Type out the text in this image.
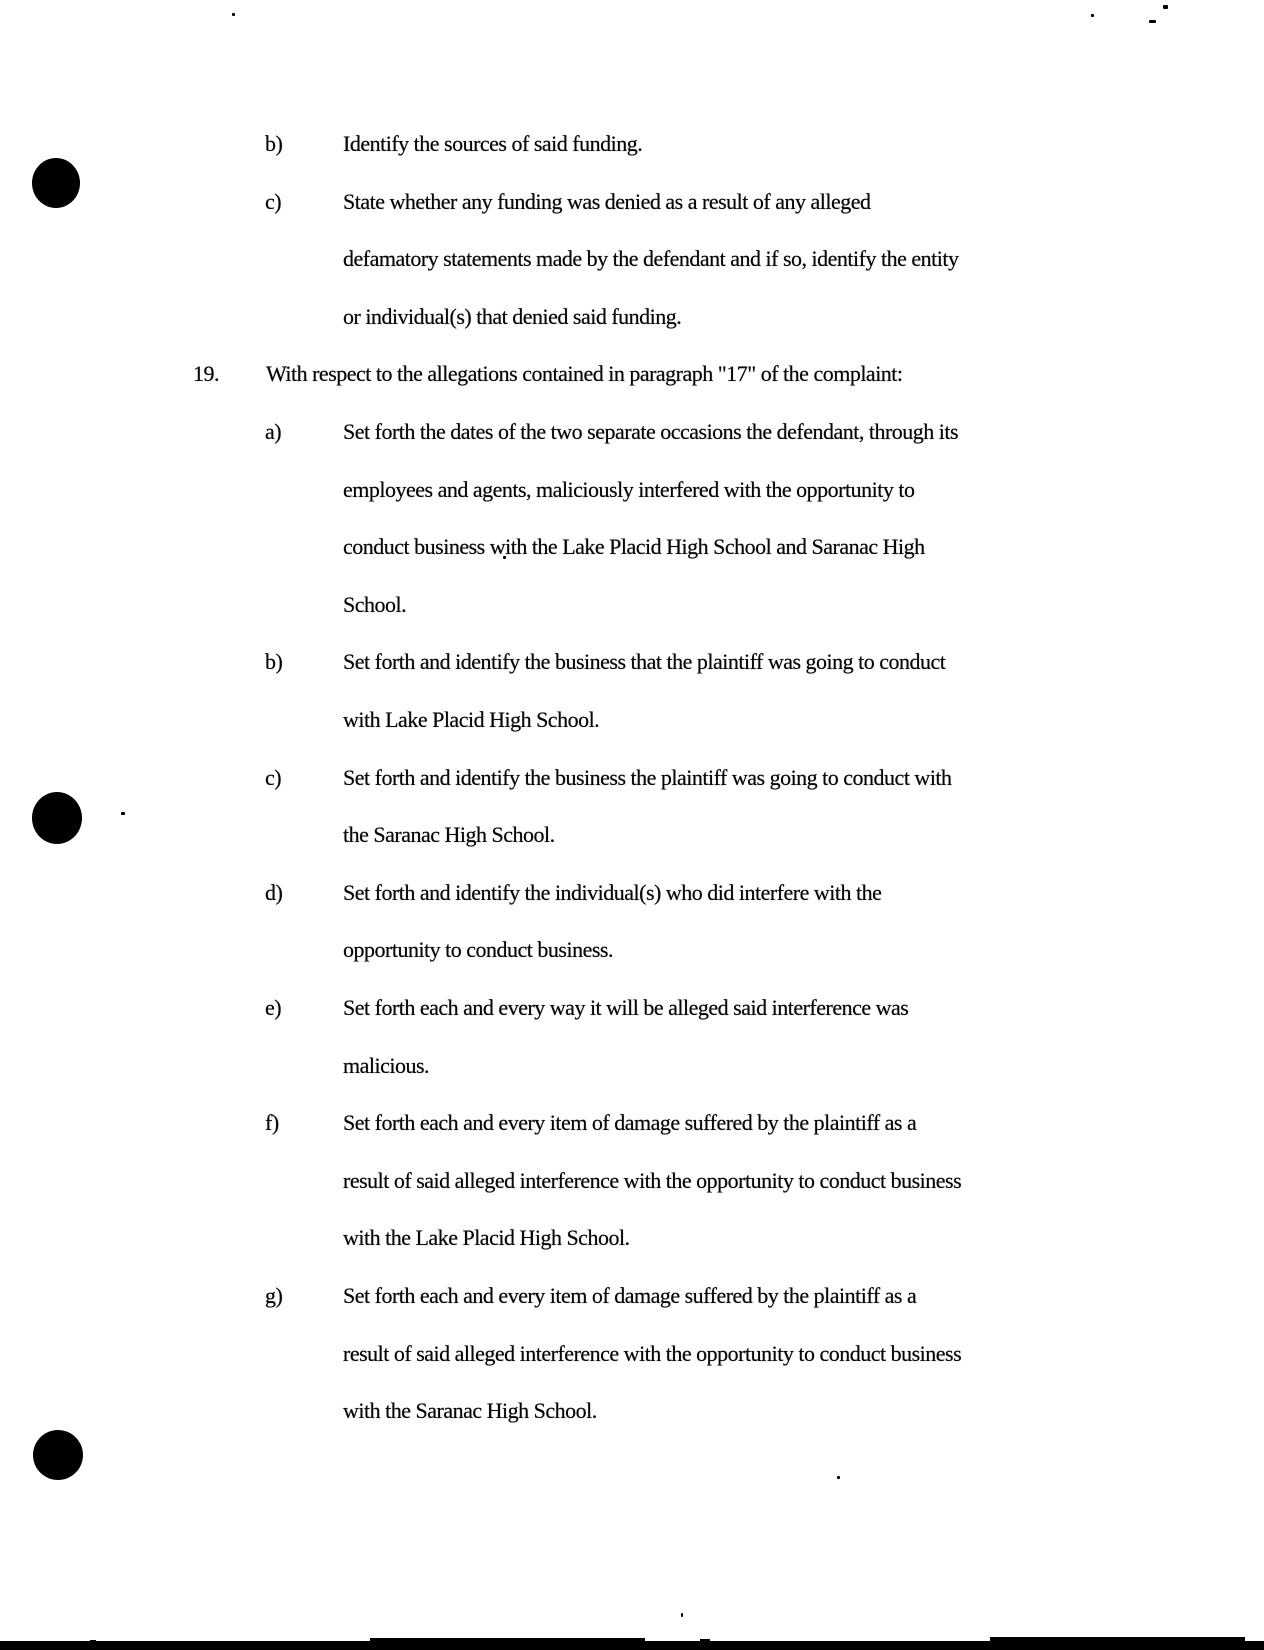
b)	Identify the sources of said funding.
c)	State whether any funding was denied as a result of any alleged
defamatory statements made by the defendant and if so, identify the entity
or individual(s) that denied said funding.
19. With respect to the allegations contained in paragraph "17" of the complaint:
a)	Set forth the dates of the two separate occasions the defendant, through its
employees and agents, maliciously interfered with the opportunity to
conduct business with the Lake Placid High School and Saranac High
School.
b)	Set forth and identify the business that the plaintiff was going to conduct
with Lake Placid High School.
c)	Set forth and identify the business the plaintiff was going to conduct with
the Saranac High School.
d)	Set forth and identify the individual(s) who did interfere with the
opportunity to conduct business.
e)	Set forth each and every way it will be alleged said interference was
malicious.
f)	Set forth each and every item of damage suffered by the plaintiff as a
result of said alleged interference with the opportunity to conduct business
with the Lake Placid High School.
g)	Set forth each and every item of damage suffered by the plaintiff as a
result of said alleged interference with the opportunity to conduct business
with the Saranac High School.
